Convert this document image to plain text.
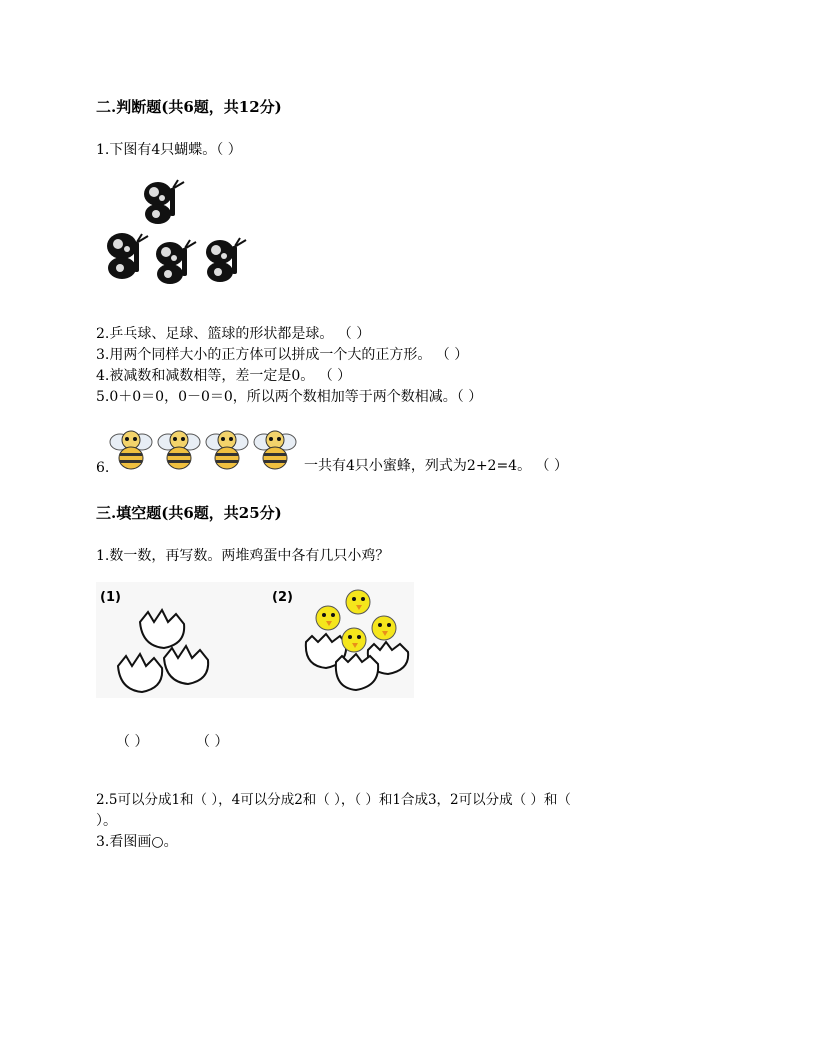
二.判断题(共6题，共12分)
1.下图有4只蝴蝶。（ ）
2.乒乓球、足球、篮球的形状都是球。 （ ）
3.用两个同样大小的正方体可以拼成一个大的正方形。 （ ）
4.被减数和减数相等，差一定是0。 （ ）
5.0＋0＝0，0－0＝0，所以两个数相加等于两个数相减。（ ）
6.	一共有4只小蜜蜂，列式为2+2=4。 （ ）
三.填空题(共6题，共25分)
1.数一数，再写数。两堆鸡蛋中各有几只小鸡？
(1)	(2)
（ ）	（ ）
2.5可以分成1和（ ），4可以分成2和（ ），（ ）和1合成3，2可以分成（ ）和（
）。
3.看图画○。
